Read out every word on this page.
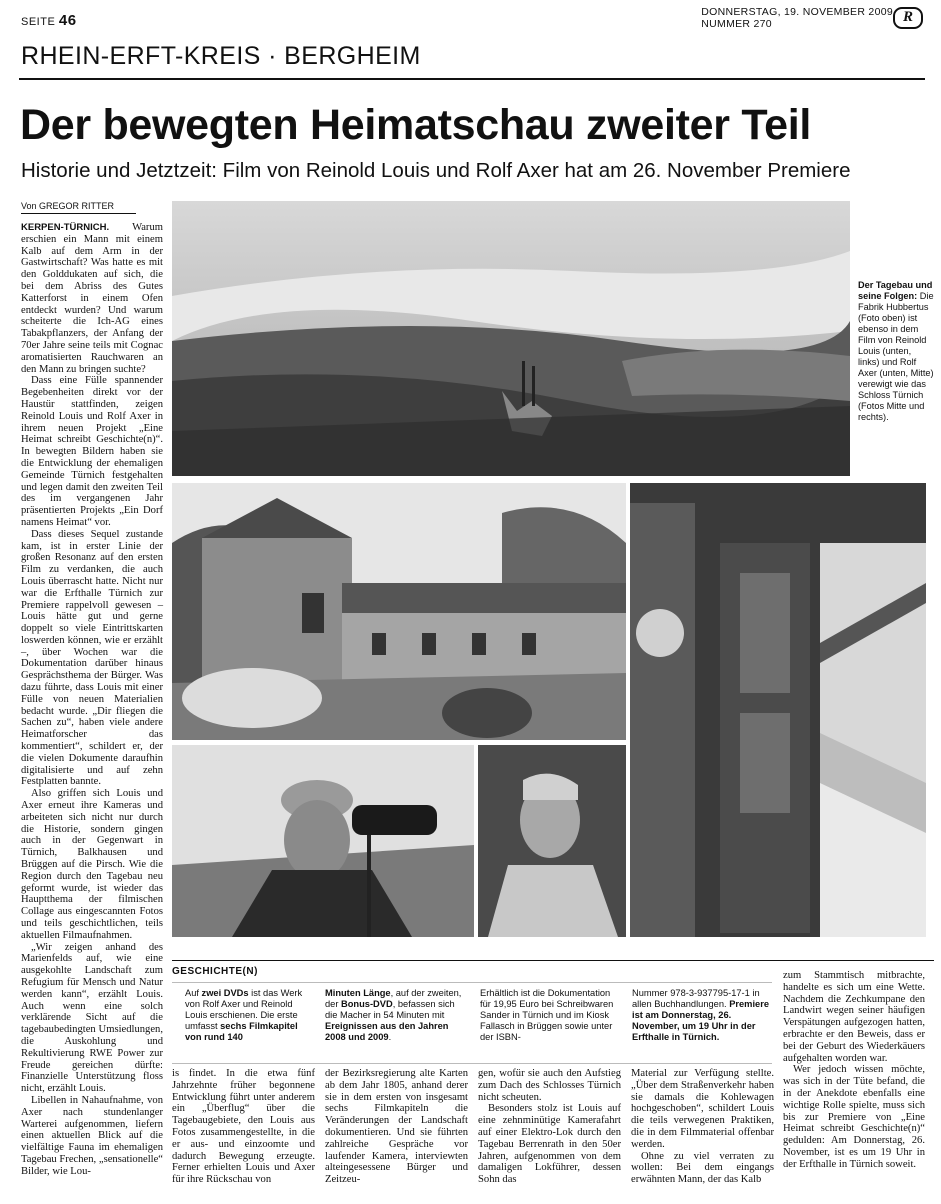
SEITE 46	DONNERSTAG, 19. NOVEMBER 2009
NUMMER 270	R
RHEIN-ERFT-KREIS · BERGHEIM
Der bewegten Heimatschau zweiter Teil
Historie und Jetztzeit: Film von Reinold Louis und Rolf Axer hat am 26. November Premiere
Von GREGOR RITTER

KERPEN-TÜRNICH. Warum erschien ein Mann mit einem Kalb auf dem Arm in der Gastwirtschaft? Was hatte es mit den Golddukaten auf sich, die bei dem Abriss des Gutes Katterforst in einem Ofen entdeckt wurden? Und warum scheiterte die Ich-AG eines Tabakpflanzers, der Anfang der 70er Jahre seine teils mit Cognac aromatisierten Rauchwaren an den Mann zu bringen suchte?

Dass eine Fülle spannender Begebenheiten direkt vor der Haustür stattfinden, zeigen Reinold Louis und Rolf Axer in ihrem neuen Projekt „Eine Heimat schreibt Geschichte(n)“. In bewegten Bildern haben sie die Entwicklung der ehemaligen Gemeinde Türnich festgehalten und legen damit den zweiten Teil des im vergangenen Jahr präsentierten Projekts „Ein Dorf namens Heimat“ vor.

Dass dieses Sequel zustande kam, ist in erster Linie der großen Resonanz auf den ersten Film zu verdanken, die auch Louis überrascht hatte. Nicht nur war die Erfthalle Türnich zur Premiere rappelvoll gewesen – Louis hätte gut und gerne doppelt so viele Eintrittskarten loswerden können, wie er erzählt –, über Wochen war die Dokumentation darüber hinaus Gesprächsthema der Bürger. Was dazu führte, dass Louis mit einer Fülle von neuen Materialien bedacht wurde. „Dir fliegen die Sachen zu“, haben viele andere Heimatforscher das kommentiert“, schildert er, der die vielen Dokumente daraufhin digitalisierte und auf zehn Festplatten bannte.

Also griffen sich Louis und Axer erneut ihre Kameras und arbeiteten sich nicht nur durch die Historie, sondern gingen auch in der Gegenwart in Türnich, Balkhausen und Brüggen auf die Pirsch. Wie die Region durch den Tagebau neu geformt wurde, ist wieder das Hauptthema der filmischen Collage aus eingescannten Fotos und teils geschichtlichen, teils aktuellen Filmaufnahmen.

„Wir zeigen anhand des Marienfelds auf, wie eine ausgekohlte Landschaft zum Refugium für Mensch und Natur werden kann“, erzählt Louis. Auch wenn eine solch verklärende Sicht auf die tagebaubedingten Umsiedlungen, die Auskohlung und Rekultivierung RWE Power zur Freude gereichen dürfte: Finanzielle Unterstützung floss nicht, erzählt Louis.

Libellen in Nahaufnahme, von Axer nach stundenlanger Warterei aufgenommen, liefern einen aktuellen Blick auf die vielfältige Fauna im ehemaligen Tagebau Frechen, „sensationelle“ Bilder, wie Lou-

Der Tagebau und seine Folgen: Die Fabrik Hubbertus (Foto oben) ist ebenso in dem Film von Reinold Louis (unten, links) und Rolf Axer (unten, Mitte) verewigt wie das Schloss Türnich (Fotos Mitte und rechts).
GESCHICHTE(N)
Auf zwei DVDs ist das Werk von Rolf Axer und Reinold Louis erschienen. Die erste umfasst sechs Filmkapitel von rund 140
Minuten Länge, auf der zweiten, der Bonus-DVD, befassen sich die Macher in 54 Minuten mit Ereignissen aus den Jahren 2008 und 2009.
Erhältlich ist die Dokumentation für 19,95 Euro bei Schreibwaren Sander in Türnich und im Kiosk Fallasch in Brüggen sowie unter der ISBN-
Nummer 978-3-937795-17-1 in allen Buchhandlungen. Premiere ist am Donnerstag, 26. November, um 19 Uhr in der Erfthalle in Türnich.

zum Stammtisch mitbrachte, handelte es sich um eine Wette. Nachdem die Zechkumpane den Landwirt wegen seiner häufigen Verspätungen aufgezogen hatten, erbrachte er den Beweis, dass er bei der Geburt des Wiederkäuers aufgehalten worden war.

Wer jedoch wissen möchte, was sich in der Tüte befand, die in der Anekdote ebenfalls eine wichtige Rolle spielte, muss sich bis zur Premiere von „Eine Heimat schreibt Geschichte(n)“ gedulden: Am Donnerstag, 26. November, ist es um 19 Uhr in der Erfthalle in Türnich soweit.

is findet. In die etwa fünf Jahrzehnte früher begonnene Entwicklung führt unter anderem ein „Überflug“ über die Tagebaugebiete, den Louis aus Fotos zusammengestellte, in die er aus- und einzoomte und dadurch Bewegung erzeugte. Ferner erhielten Louis und Axer für ihre Rückschau von

der Bezirksregierung alte Karten ab dem Jahr 1805, anhand derer sie in dem ersten von insgesamt sechs Filmkapiteln die Veränderungen der Landschaft dokumentieren. Und sie führten zahlreiche Gespräche vor laufender Kamera, interviewten alteingesessene Bürger und Zeitzeu-

gen, wofür sie auch den Aufstieg zum Dach des Schlosses Türnich nicht scheuten.

Besonders stolz ist Louis auf eine zehnminütige Kamerafahrt auf einer Elektro-Lok durch den Tagebau Berrenrath in den 50er Jahren, aufgenommen von dem damaligen Lokführer, dessen Sohn das

Material zur Verfügung stellte. „Über dem Straßenverkehr haben sie damals die Kohlewagen hochgeschoben“, schildert Louis die teils verwegenen Praktiken, die in dem Filmmaterial offenbar werden.

Ohne zu viel verraten zu wollen: Bei dem eingangs erwähnten Mann, der das Kalb
